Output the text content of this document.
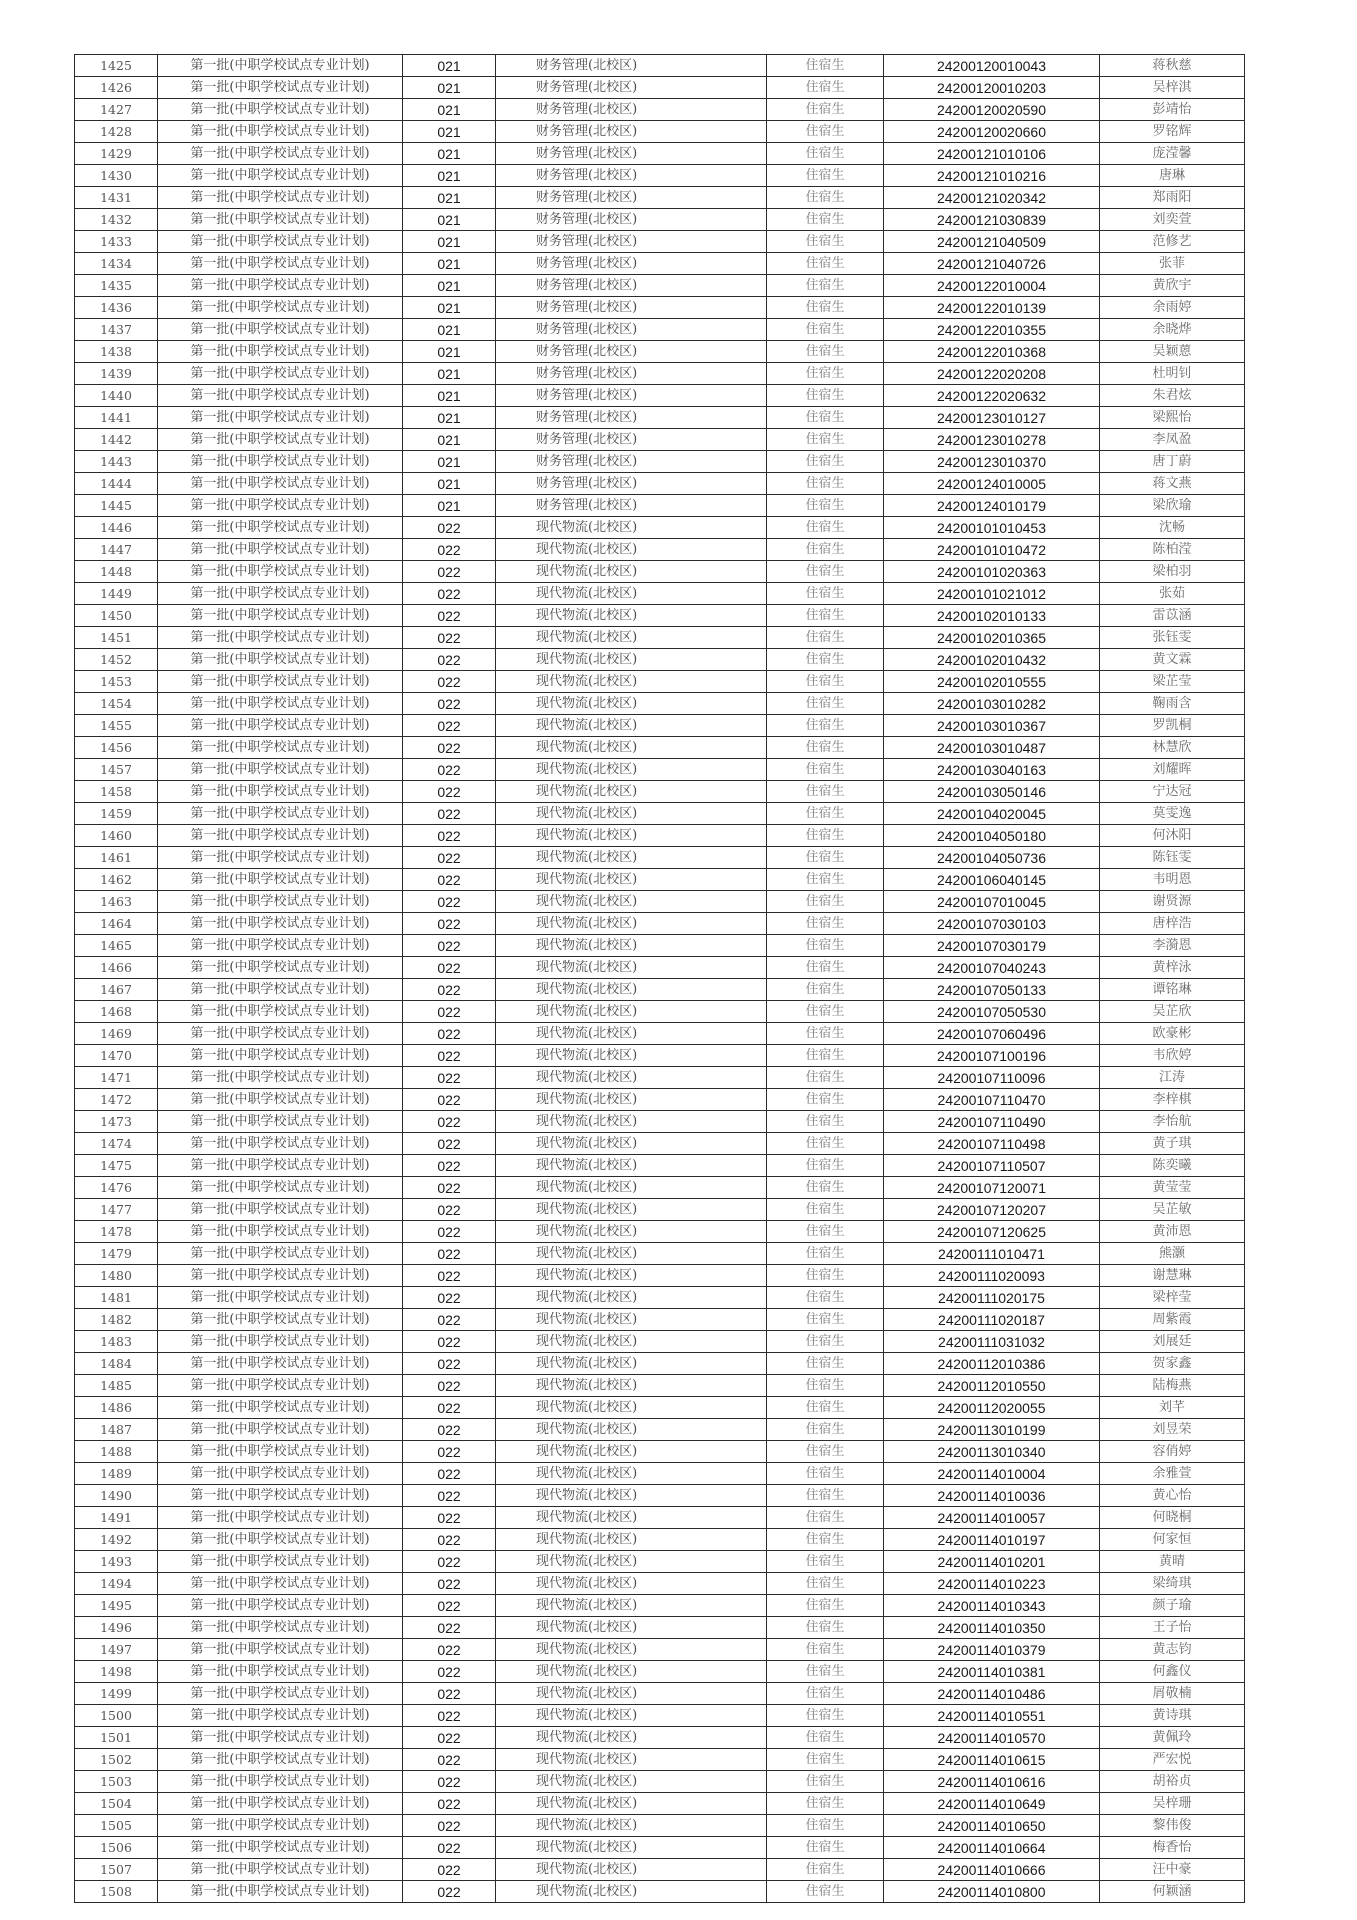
1425	第一批(中职学校试点专业计划)	021	财务管理(北校区)	住宿生	24200120010043	蒋秋慈
1426	第一批(中职学校试点专业计划)	021	财务管理(北校区)	住宿生	24200120010203	吴梓淇
1427	第一批(中职学校试点专业计划)	021	财务管理(北校区)	住宿生	24200120020590	彭靖怡
1428	第一批(中职学校试点专业计划)	021	财务管理(北校区)	住宿生	24200120020660	罗铭辉
1429	第一批(中职学校试点专业计划)	021	财务管理(北校区)	住宿生	24200121010106	庞滢馨
1430	第一批(中职学校试点专业计划)	021	财务管理(北校区)	住宿生	24200121010216	唐琳
1431	第一批(中职学校试点专业计划)	021	财务管理(北校区)	住宿生	24200121020342	郑雨阳
1432	第一批(中职学校试点专业计划)	021	财务管理(北校区)	住宿生	24200121030839	刘奕萱
1433	第一批(中职学校试点专业计划)	021	财务管理(北校区)	住宿生	24200121040509	范修艺
1434	第一批(中职学校试点专业计划)	021	财务管理(北校区)	住宿生	24200121040726	张菲
1435	第一批(中职学校试点专业计划)	021	财务管理(北校区)	住宿生	24200122010004	黄欣宇
1436	第一批(中职学校试点专业计划)	021	财务管理(北校区)	住宿生	24200122010139	余雨婷
1437	第一批(中职学校试点专业计划)	021	财务管理(北校区)	住宿生	24200122010355	余晓烨
1438	第一批(中职学校试点专业计划)	021	财务管理(北校区)	住宿生	24200122010368	吴颖蒽
1439	第一批(中职学校试点专业计划)	021	财务管理(北校区)	住宿生	24200122020208	杜明钊
1440	第一批(中职学校试点专业计划)	021	财务管理(北校区)	住宿生	24200122020632	朱君炫
1441	第一批(中职学校试点专业计划)	021	财务管理(北校区)	住宿生	24200123010127	梁熙怡
1442	第一批(中职学校试点专业计划)	021	财务管理(北校区)	住宿生	24200123010278	李凤盈
1443	第一批(中职学校试点专业计划)	021	财务管理(北校区)	住宿生	24200123010370	唐丁蔚
1444	第一批(中职学校试点专业计划)	021	财务管理(北校区)	住宿生	24200124010005	蒋文燕
1445	第一批(中职学校试点专业计划)	021	财务管理(北校区)	住宿生	24200124010179	梁欣瑜
1446	第一批(中职学校试点专业计划)	022	现代物流(北校区)	住宿生	24200101010453	沈畅
1447	第一批(中职学校试点专业计划)	022	现代物流(北校区)	住宿生	24200101010472	陈柏滢
1448	第一批(中职学校试点专业计划)	022	现代物流(北校区)	住宿生	24200101020363	梁柏羽
1449	第一批(中职学校试点专业计划)	022	现代物流(北校区)	住宿生	24200101021012	张茹
1450	第一批(中职学校试点专业计划)	022	现代物流(北校区)	住宿生	24200102010133	雷苡涵
1451	第一批(中职学校试点专业计划)	022	现代物流(北校区)	住宿生	24200102010365	张钰雯
1452	第一批(中职学校试点专业计划)	022	现代物流(北校区)	住宿生	24200102010432	黄文霖
1453	第一批(中职学校试点专业计划)	022	现代物流(北校区)	住宿生	24200102010555	梁芷莹
1454	第一批(中职学校试点专业计划)	022	现代物流(北校区)	住宿生	24200103010282	鞠雨含
1455	第一批(中职学校试点专业计划)	022	现代物流(北校区)	住宿生	24200103010367	罗凯桐
1456	第一批(中职学校试点专业计划)	022	现代物流(北校区)	住宿生	24200103010487	林慧欣
1457	第一批(中职学校试点专业计划)	022	现代物流(北校区)	住宿生	24200103040163	刘耀晖
1458	第一批(中职学校试点专业计划)	022	现代物流(北校区)	住宿生	24200103050146	宁达冠
1459	第一批(中职学校试点专业计划)	022	现代物流(北校区)	住宿生	24200104020045	莫雯逸
1460	第一批(中职学校试点专业计划)	022	现代物流(北校区)	住宿生	24200104050180	何沐阳
1461	第一批(中职学校试点专业计划)	022	现代物流(北校区)	住宿生	24200104050736	陈钰雯
1462	第一批(中职学校试点专业计划)	022	现代物流(北校区)	住宿生	24200106040145	韦明恩
1463	第一批(中职学校试点专业计划)	022	现代物流(北校区)	住宿生	24200107010045	谢贤源
1464	第一批(中职学校试点专业计划)	022	现代物流(北校区)	住宿生	24200107030103	唐梓浩
1465	第一批(中职学校试点专业计划)	022	现代物流(北校区)	住宿生	24200107030179	李漪恩
1466	第一批(中职学校试点专业计划)	022	现代物流(北校区)	住宿生	24200107040243	黄梓泳
1467	第一批(中职学校试点专业计划)	022	现代物流(北校区)	住宿生	24200107050133	谭铭琳
1468	第一批(中职学校试点专业计划)	022	现代物流(北校区)	住宿生	24200107050530	吴芷欣
1469	第一批(中职学校试点专业计划)	022	现代物流(北校区)	住宿生	24200107060496	欧豪彬
1470	第一批(中职学校试点专业计划)	022	现代物流(北校区)	住宿生	24200107100196	韦欣婷
1471	第一批(中职学校试点专业计划)	022	现代物流(北校区)	住宿生	24200107110096	江涛
1472	第一批(中职学校试点专业计划)	022	现代物流(北校区)	住宿生	24200107110470	李梓棋
1473	第一批(中职学校试点专业计划)	022	现代物流(北校区)	住宿生	24200107110490	李怡航
1474	第一批(中职学校试点专业计划)	022	现代物流(北校区)	住宿生	24200107110498	黄子琪
1475	第一批(中职学校试点专业计划)	022	现代物流(北校区)	住宿生	24200107110507	陈奕曦
1476	第一批(中职学校试点专业计划)	022	现代物流(北校区)	住宿生	24200107120071	黄莹莹
1477	第一批(中职学校试点专业计划)	022	现代物流(北校区)	住宿生	24200107120207	吴芷敏
1478	第一批(中职学校试点专业计划)	022	现代物流(北校区)	住宿生	24200107120625	黄沛恩
1479	第一批(中职学校试点专业计划)	022	现代物流(北校区)	住宿生	24200111010471	熊灏
1480	第一批(中职学校试点专业计划)	022	现代物流(北校区)	住宿生	24200111020093	谢慧琳
1481	第一批(中职学校试点专业计划)	022	现代物流(北校区)	住宿生	24200111020175	梁梓莹
1482	第一批(中职学校试点专业计划)	022	现代物流(北校区)	住宿生	24200111020187	周紫霞
1483	第一批(中职学校试点专业计划)	022	现代物流(北校区)	住宿生	24200111031032	刘展廷
1484	第一批(中职学校试点专业计划)	022	现代物流(北校区)	住宿生	24200112010386	贺家鑫
1485	第一批(中职学校试点专业计划)	022	现代物流(北校区)	住宿生	24200112010550	陆梅燕
1486	第一批(中职学校试点专业计划)	022	现代物流(北校区)	住宿生	24200112020055	刘芊
1487	第一批(中职学校试点专业计划)	022	现代物流(北校区)	住宿生	24200113010199	刘昱荣
1488	第一批(中职学校试点专业计划)	022	现代物流(北校区)	住宿生	24200113010340	容俏婷
1489	第一批(中职学校试点专业计划)	022	现代物流(北校区)	住宿生	24200114010004	余雅萱
1490	第一批(中职学校试点专业计划)	022	现代物流(北校区)	住宿生	24200114010036	黄心怡
1491	第一批(中职学校试点专业计划)	022	现代物流(北校区)	住宿生	24200114010057	何晓桐
1492	第一批(中职学校试点专业计划)	022	现代物流(北校区)	住宿生	24200114010197	何家恒
1493	第一批(中职学校试点专业计划)	022	现代物流(北校区)	住宿生	24200114010201	黄晴
1494	第一批(中职学校试点专业计划)	022	现代物流(北校区)	住宿生	24200114010223	梁绮琪
1495	第一批(中职学校试点专业计划)	022	现代物流(北校区)	住宿生	24200114010343	颜子瑜
1496	第一批(中职学校试点专业计划)	022	现代物流(北校区)	住宿生	24200114010350	王子怡
1497	第一批(中职学校试点专业计划)	022	现代物流(北校区)	住宿生	24200114010379	黄志钧
1498	第一批(中职学校试点专业计划)	022	现代物流(北校区)	住宿生	24200114010381	何鑫仪
1499	第一批(中职学校试点专业计划)	022	现代物流(北校区)	住宿生	24200114010486	屑敬楠
1500	第一批(中职学校试点专业计划)	022	现代物流(北校区)	住宿生	24200114010551	黄诗琪
1501	第一批(中职学校试点专业计划)	022	现代物流(北校区)	住宿生	24200114010570	黄佩玲
1502	第一批(中职学校试点专业计划)	022	现代物流(北校区)	住宿生	24200114010615	严宏悦
1503	第一批(中职学校试点专业计划)	022	现代物流(北校区)	住宿生	24200114010616	胡裕贞
1504	第一批(中职学校试点专业计划)	022	现代物流(北校区)	住宿生	24200114010649	吴梓珊
1505	第一批(中职学校试点专业计划)	022	现代物流(北校区)	住宿生	24200114010650	黎伟俊
1506	第一批(中职学校试点专业计划)	022	现代物流(北校区)	住宿生	24200114010664	梅香怡
1507	第一批(中职学校试点专业计划)	022	现代物流(北校区)	住宿生	24200114010666	汪中豪
1508	第一批(中职学校试点专业计划)	022	现代物流(北校区)	住宿生	24200114010800	何颖涵
